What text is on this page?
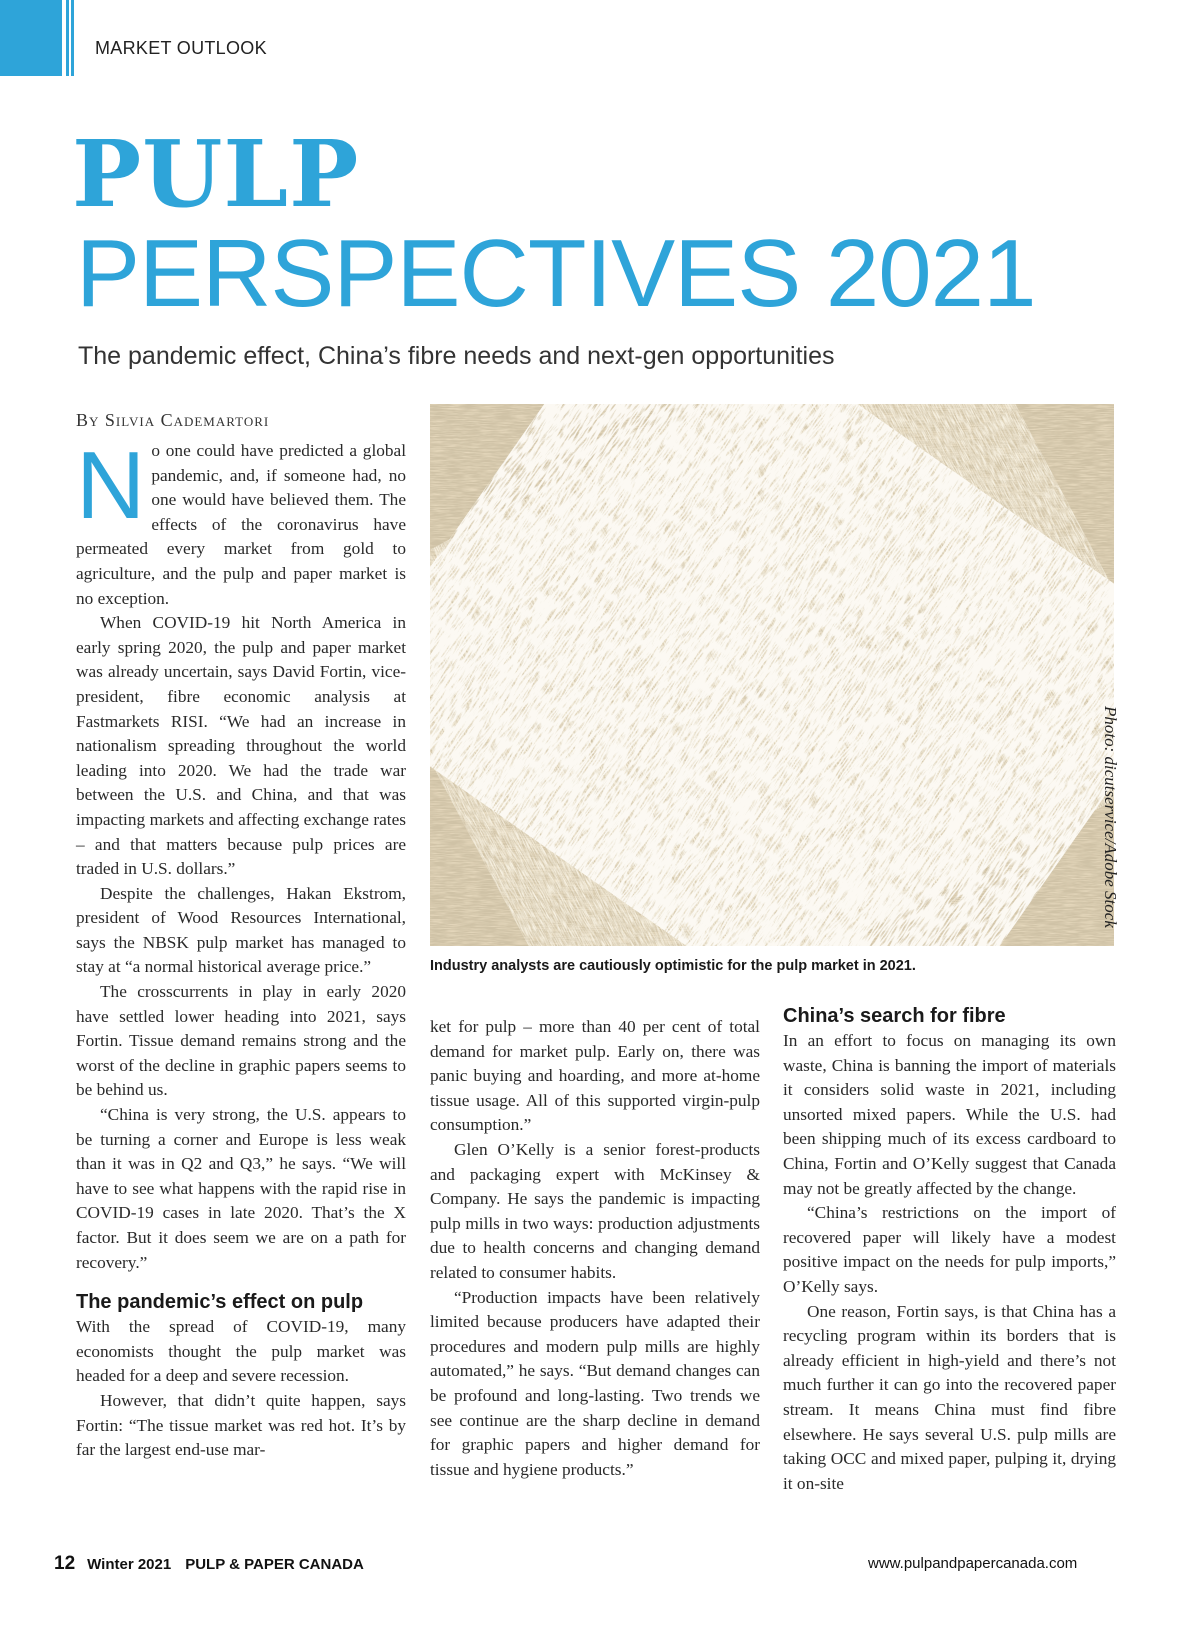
MARKET OUTLOOK
PULP
PERSPECTIVES 2021
The pandemic effect, China’s fibre needs and next-gen opportunities
By Silvia Cademartori
N o one could have predicted a global pandemic, and, if someone had, no one would have believed them. The effects of the coronavirus have permeated every market from gold to agriculture, and the pulp and paper market is no exception.

When COVID-19 hit North America in early spring 2020, the pulp and paper market was already uncertain, says David Fortin, vice-president, fibre economic analysis at Fastmarkets RISI. “We had an increase in nationalism spreading throughout the world leading into 2020. We had the trade war between the U.S. and China, and that was impacting markets and affecting exchange rates – and that matters because pulp prices are traded in U.S. dollars.”

Despite the challenges, Hakan Ekstrom, president of Wood Resources International, says the NBSK pulp market has managed to stay at “a normal historical average price.”

The crosscurrents in play in early 2020 have settled lower heading into 2021, says Fortin. Tissue demand remains strong and the worst of the decline in graphic papers seems to be behind us.

“China is very strong, the U.S. appears to be turning a corner and Europe is less weak than it was in Q2 and Q3,” he says. “We will have to see what happens with the rapid rise in COVID-19 cases in late 2020. That’s the X factor. But it does seem we are on a path for recovery.”

The pandemic’s effect on pulp

With the spread of COVID-19, many economists thought the pulp market was headed for a deep and severe recession.

However, that didn’t quite happen, says Fortin: “The tissue market was red hot. It’s by far the largest end-use mar-

Photo: dicutservice/Adobe Stock
Industry analysts are cautiously optimistic for the pulp market in 2021.

ket for pulp – more than 40 per cent of total demand for market pulp. Early on, there was panic buying and hoarding, and more at-home tissue usage. All of this supported virgin-pulp consumption.”

Glen O’Kelly is a senior forest-products and packaging expert with McKinsey & Company. He says the pandemic is impacting pulp mills in two ways: production adjustments due to health concerns and changing demand related to consumer habits.

“Production impacts have been relatively limited because producers have adapted their procedures and modern pulp mills are highly automated,” he says. “But demand changes can be profound and long-lasting. Two trends we see continue are the sharp decline in demand for graphic papers and higher demand for tissue and hygiene products.”

China’s search for fibre

In an effort to focus on managing its own waste, China is banning the import of materials it considers solid waste in 2021, including unsorted mixed papers. While the U.S. had been shipping much of its excess cardboard to China, Fortin and O’Kelly suggest that Canada may not be greatly affected by the change.

“China’s restrictions on the import of recovered paper will likely have a modest positive impact on the needs for pulp imports,” O’Kelly says.

One reason, Fortin says, is that China has a recycling program within its borders that is already efficient in high-yield and there’s not much further it can go into the recovered paper stream. It means China must find fibre elsewhere. He says several U.S. pulp mills are taking OCC and mixed paper, pulping it, drying it on-site

12 Winter 2021 PULP & PAPER CANADA	www.pulpandpapercanada.com
